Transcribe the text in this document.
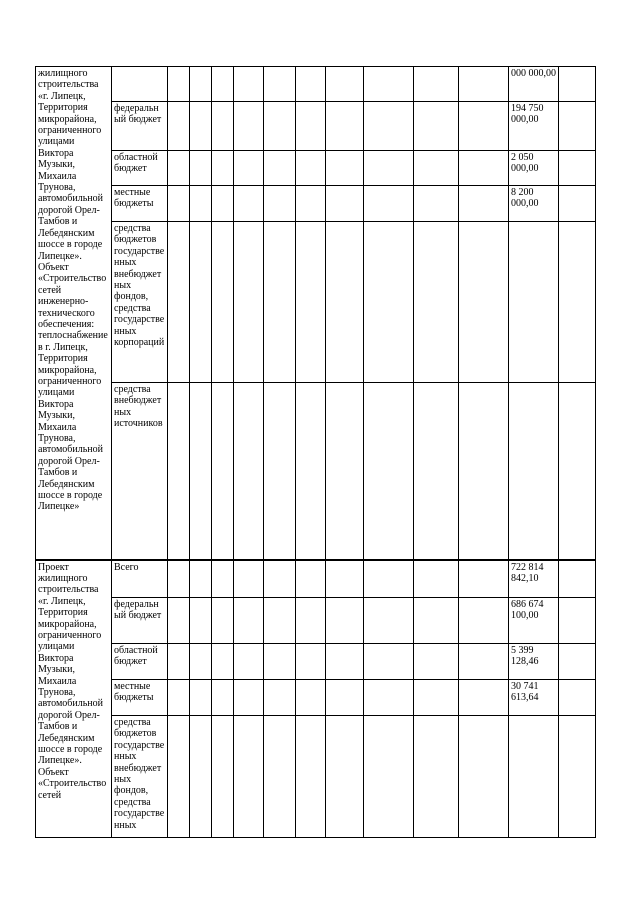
жилищного строительства «г. Липецк, Территория микрорайона, ограниченного улицами Виктора Музыки, Михаила Трунова, автомобильной дорогой Орел-Тамбов и Лебедянским шоссе в городе Липецке». Объект «Строительство сетей инженерно-технического обеспечения: теплоснабжение в г. Липецк, Территория микрорайона, ограниченного улицами Виктора Музыки, Михаила Трунова, автомобильной дорогой Орел-Тамбов и Лебедянским шоссе в городе Липецке»												000 000,00	
	федеральный бюджет											194 750 000,00	
	областной бюджет											2 050 000,00	
	местные бюджеты											8 200 000,00	
	средства бюджетов государственных внебюджетных фондов, средства государственных корпораций												
	средства внебюджетных источников												
Проект жилищного строительства «г. Липецк, Территория микрорайона, ограниченного улицами Виктора Музыки, Михаила Трунова, автомобильной дорогой Орел-Тамбов и Лебедянским шоссе в городе Липецке». Объект «Строительство сетей	Всего											722 814 842,10	
	федеральный бюджет											686 674 100,00	
	областной бюджет											5 399 128,46	
	местные бюджеты											30 741 613,64	
	средства бюджетов государственных внебюджетных фондов, средства государственных												
